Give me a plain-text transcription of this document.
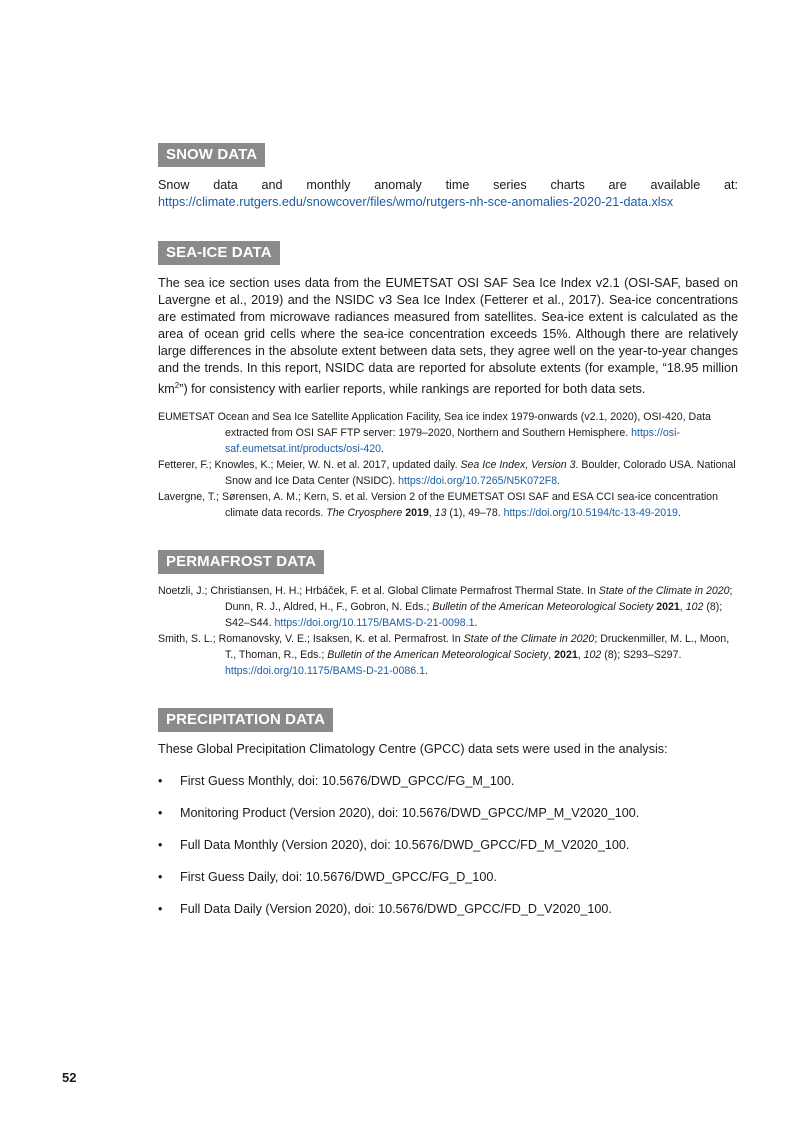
SNOW DATA

Snow data and monthly anomaly time series charts are available at: https://climate.rutgers.edu/snowcover/files/wmo/rutgers-nh-sce-anomalies-2020-21-data.xlsx

SEA-ICE DATA

The sea ice section uses data from the EUMETSAT OSI SAF Sea Ice Index v2.1 (OSI-SAF, based on Lavergne et al., 2019) and the NSIDC v3 Sea Ice Index (Fetterer et al., 2017). Sea-ice concentrations are estimated from microwave radiances measured from satellites. Sea-ice extent is calculated as the area of ocean grid cells where the sea-ice concentration exceeds 15%. Although there are relatively large differences in the absolute extent between data sets, they agree well on the year-to-year changes and the trends. In this report, NSIDC data are reported for absolute extents (for example, “18.95 million $km^2$”) for consistency with earlier reports, while rankings are reported for both data sets.

EUMETSAT Ocean and Sea Ice Satellite Application Facility, Sea ice index 1979-onwards (v2.1, 2020), OSI-420, Data extracted from OSI SAF FTP server: 1979–2020, Northern and Southern Hemisphere. https://osi-saf.eumetsat.int/products/osi-420.

Fetterer, F.; Knowles, K.; Meier, W. N. et al. 2017, updated daily. Sea Ice Index, Version 3. Boulder, Colorado USA. National Snow and Ice Data Center (NSIDC). https://doi.org/10.7265/N5K072F8.

Lavergne, T.; Sørensen, A. M.; Kern, S. et al. Version 2 of the EUMETSAT OSI SAF and ESA CCI sea-ice concentration climate data records. The Cryosphere 2019, 13 (1), 49–78. https://doi.org/10.5194/tc-13-49-2019.

PERMAFROST DATA

Noetzli, J.; Christiansen, H. H.; Hrbáček, F. et al. Global Climate Permafrost Thermal State. In State of the Climate in 2020; Dunn, R. J., Aldred, H., F., Gobron, N. Eds.; Bulletin of the American Meteorological Society 2021, 102 (8); S42–S44. https://doi.org/10.1175/BAMS-D-21-0098.1.

Smith, S. L.; Romanovsky, V. E.; Isaksen, K. et al. Permafrost. In State of the Climate in 2020; Druckenmiller, M. L., Moon, T., Thoman, R., Eds.; Bulletin of the American Meteorological Society, 2021, 102 (8); S293–S297. https://doi.org/10.1175/BAMS-D-21-0086.1.

PRECIPITATION DATA

These Global Precipitation Climatology Centre (GPCC) data sets were used in the analysis:

• First Guess Monthly, doi: 10.5676/DWD_GPCC/FG_M_100.
• Monitoring Product (Version 2020), doi: 10.5676/DWD_GPCC/MP_M_V2020_100.
• Full Data Monthly (Version 2020), doi: 10.5676/DWD_GPCC/FD_M_V2020_100.
• First Guess Daily, doi: 10.5676/DWD_GPCC/FG_D_100.
• Full Data Daily (Version 2020), doi: 10.5676/DWD_GPCC/FD_D_V2020_100.
52
